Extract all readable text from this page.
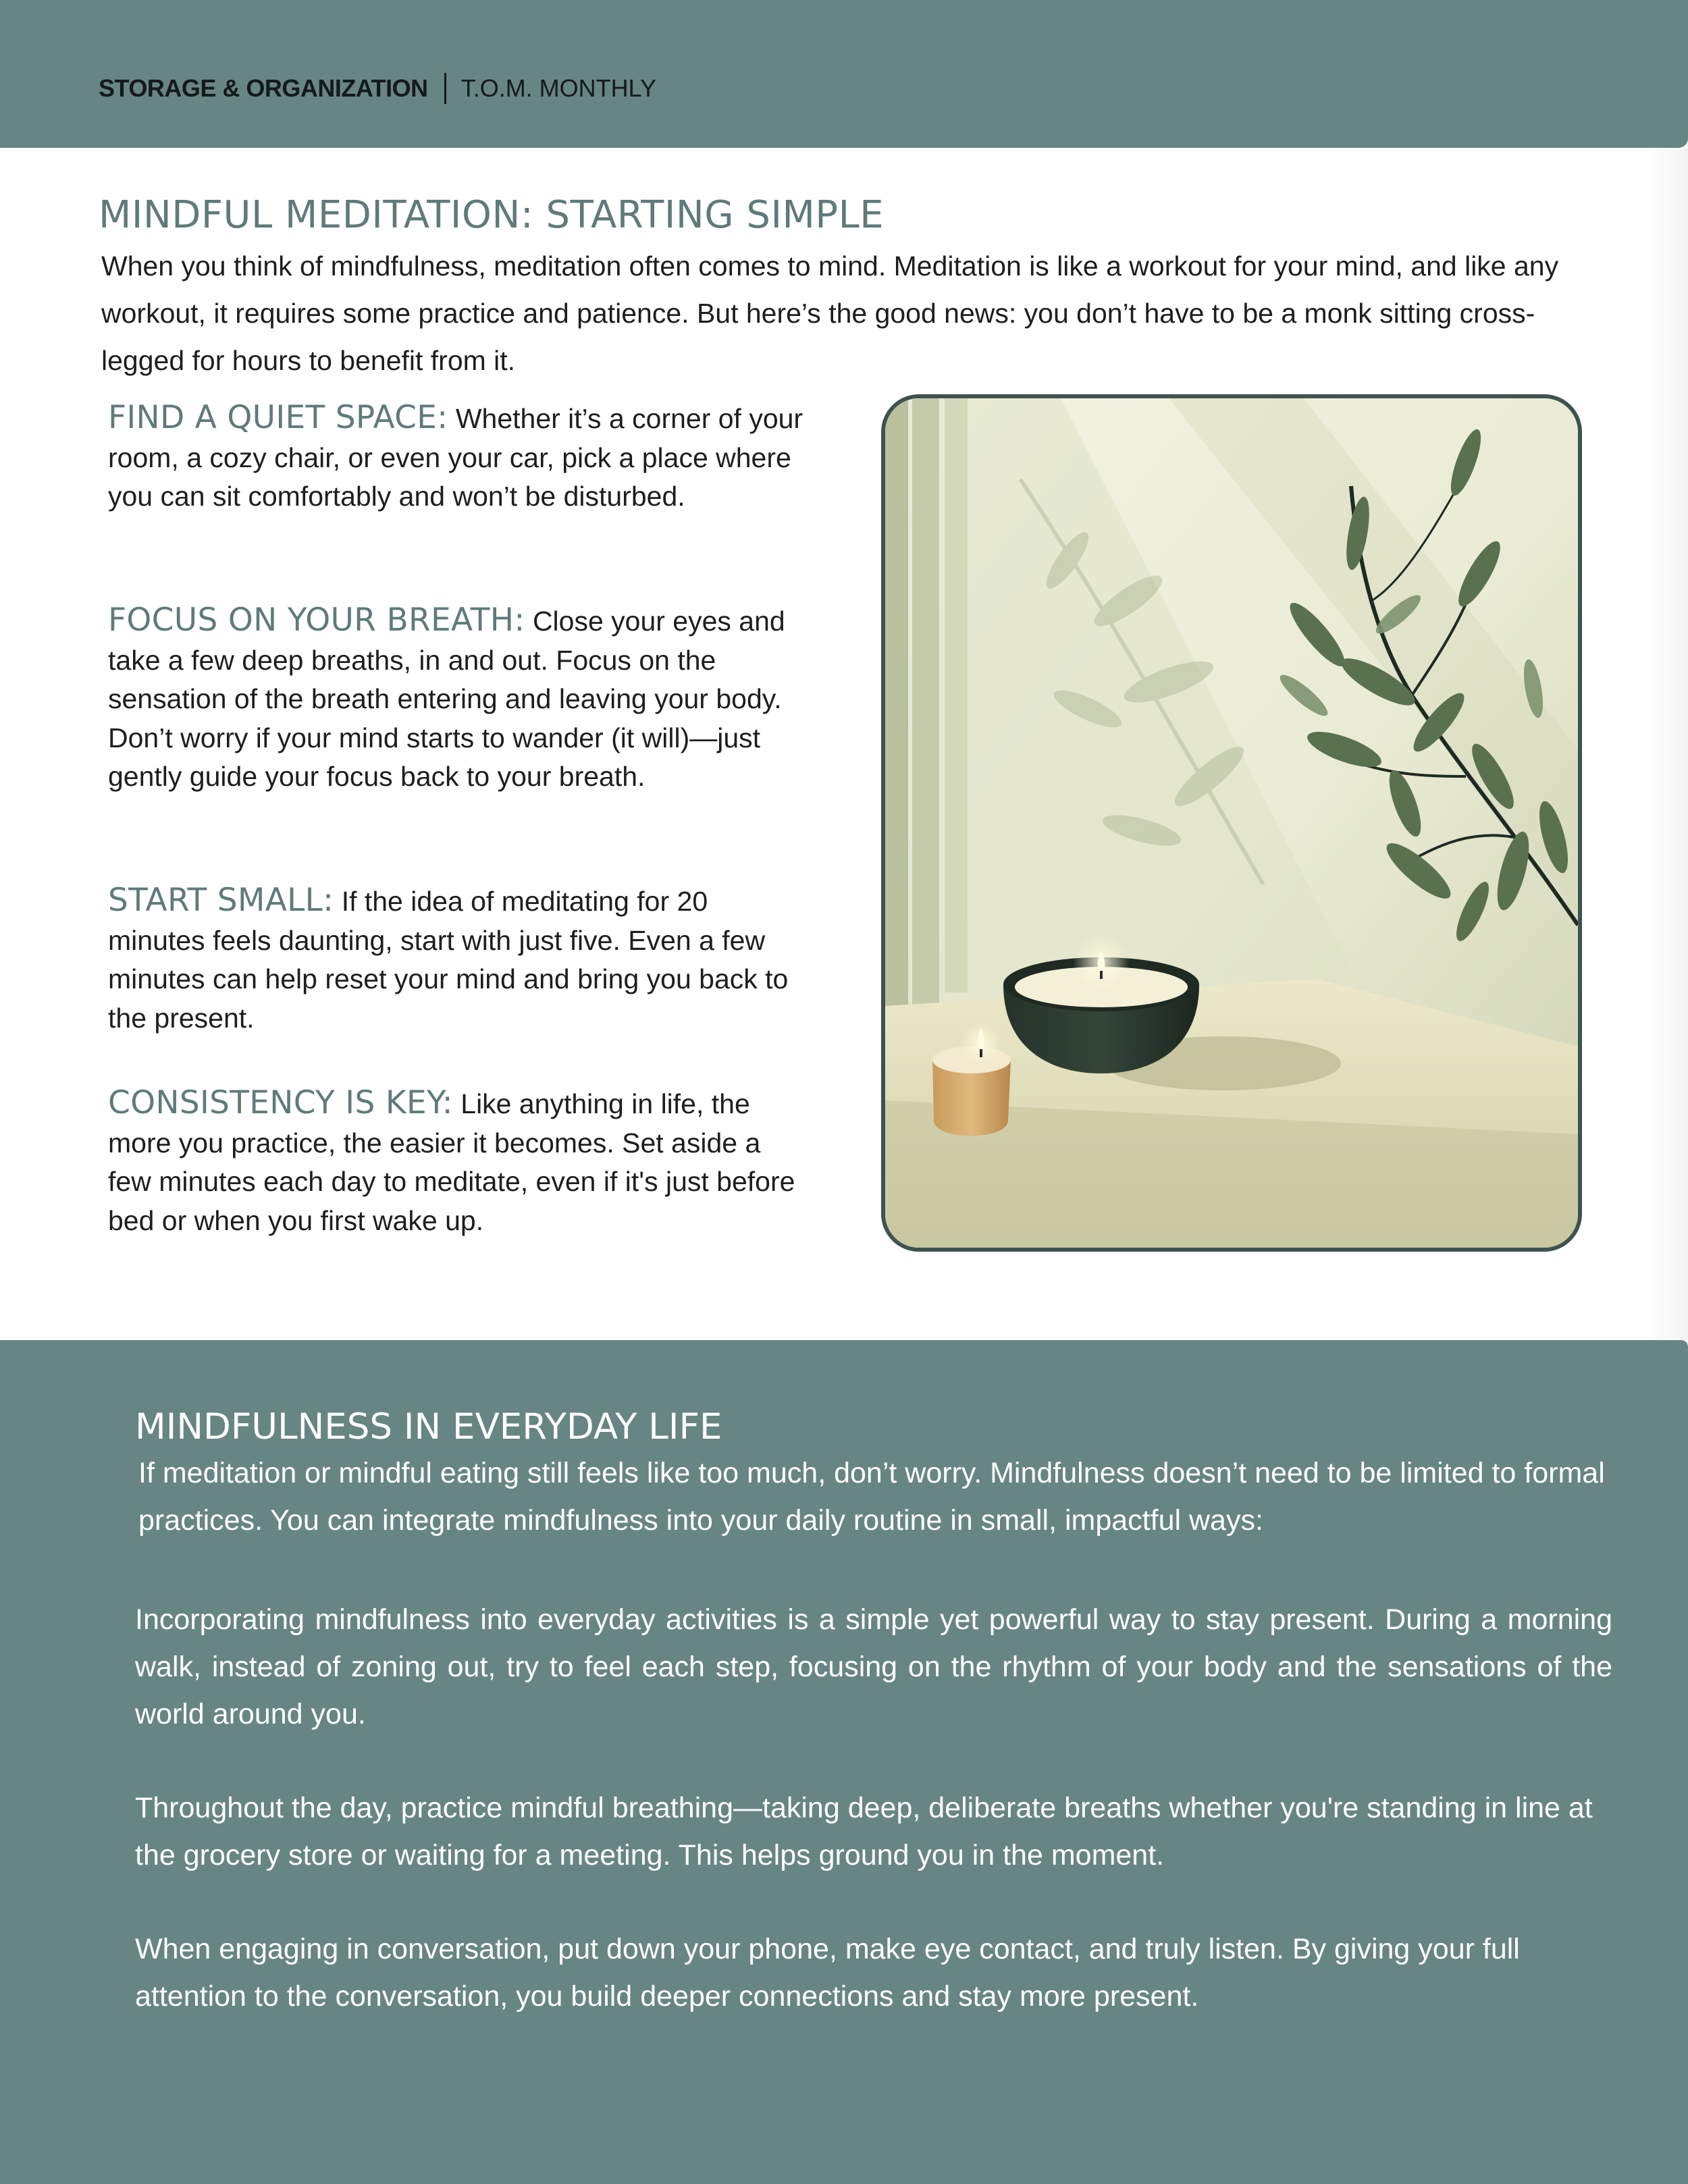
STORAGE & ORGANIZATION T.O.M. MONTHLY
MINDFUL MEDITATION: STARTING SIMPLE

When you think of mindfulness, meditation often comes to mind. Meditation is like a workout for your mind, and like any workout, it requires some practice and patience. But here’s the good news: you don’t have to be a monk sitting cross-legged for hours to benefit from it.

FIND A QUIET SPACE: Whether it’s a corner of your room, a cozy chair, or even your car, pick a place where you can sit comfortably and won’t be disturbed.

FOCUS ON YOUR BREATH: Close your eyes and take a few deep breaths, in and out. Focus on the sensation of the breath entering and leaving your body. Don’t worry if your mind starts to wander (it will)—just gently guide your focus back to your breath.

START SMALL: If the idea of meditating for 20 minutes feels daunting, start with just five. Even a few minutes can help reset your mind and bring you back to the present.

CONSISTENCY IS KEY: Like anything in life, the more you practice, the easier it becomes. Set aside a few minutes each day to meditate, even if it's just before bed or when you first wake up.

MINDFULNESS IN EVERYDAY LIFE

If meditation or mindful eating still feels like too much, don’t worry. Mindfulness doesn’t need to be limited to formal practices. You can integrate mindfulness into your daily routine in small, impactful ways:

Incorporating mindfulness into everyday activities is a simple yet powerful way to stay present. During a morning walk, instead of zoning out, try to feel each step, focusing on the rhythm of your body and the sensations of the world around you.

Throughout the day, practice mindful breathing—taking deep, deliberate breaths whether you're standing in line at the grocery store or waiting for a meeting. This helps ground you in the moment.

When engaging in conversation, put down your phone, make eye contact, and truly listen. By giving your full attention to the conversation, you build deeper connections and stay more present.
